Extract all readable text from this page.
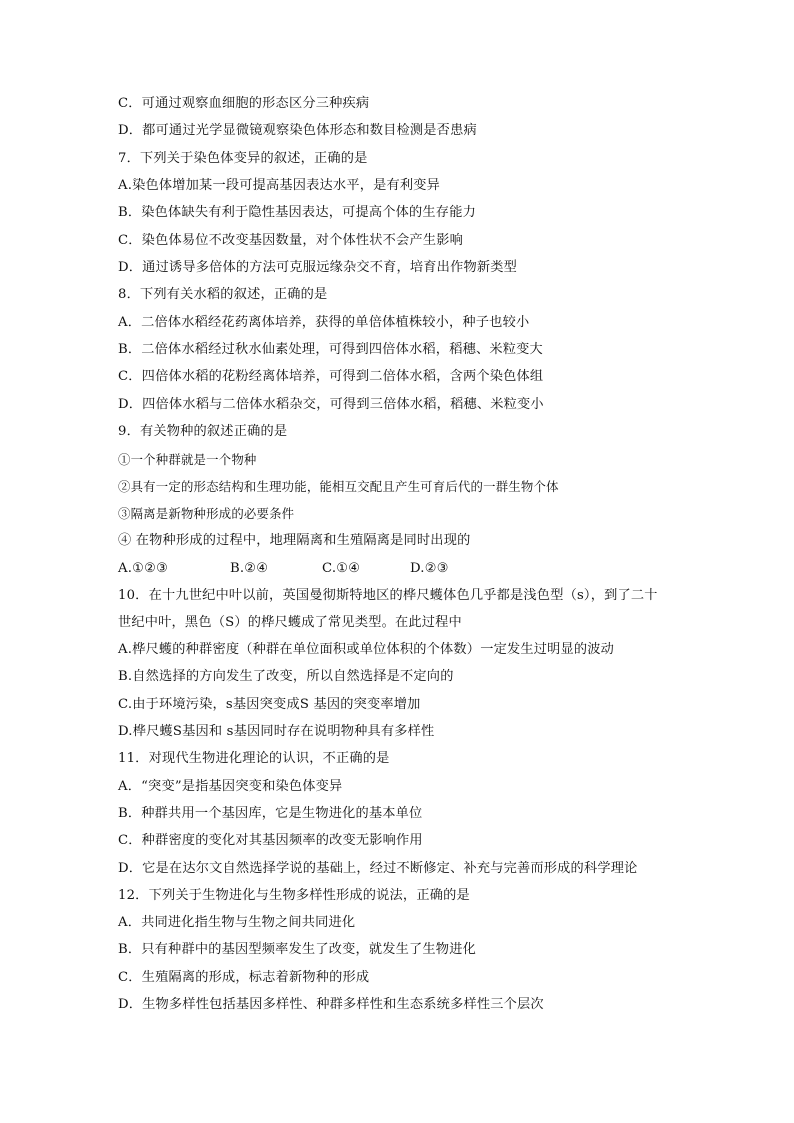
C．可通过观察血细胞的形态区分三种疾病
D．都可通过光学显微镜观察染色体形态和数目检测是否患病
7．下列关于染色体变异的叙述，正确的是
A.染色体增加某一段可提高基因表达水平，是有利变异
B．染色体缺失有利于隐性基因表达，可提高个体的生存能力
C．染色体易位不改变基因数量，对个体性状不会产生影响
D．通过诱导多倍体的方法可克服远缘杂交不育，培育出作物新类型
8．下列有关水稻的叙述，正确的是
A．二倍体水稻经花药离体培养，获得的单倍体植株较小，种子也较小
B．二倍体水稻经过秋水仙素处理，可得到四倍体水稻，稻穗、米粒变大
C．四倍体水稻的花粉经离体培养，可得到二倍体水稻，含两个染色体组
D．四倍体水稻与二倍体水稻杂交，可得到三倍体水稻，稻穗、米粒变小
9．有关物种的叙述正确的是
①一个种群就是一个物种
②具有一定的形态结构和生理功能，能相互交配且产生可育后代的一群生物个体
③隔离是新物种形成的必要条件
④ 在物种形成的过程中，地理隔离和生殖隔离是同时出现的
A.①②③	B.②④	C.①④	D.②③
10．在十九世纪中叶以前，英国曼彻斯特地区的桦尺蠖体色几乎都是浅色型（s），到了二十
世纪中叶，黑色（S）的桦尺蠖成了常见类型。在此过程中
A.桦尺蠖的种群密度（种群在单位面积或单位体积的个体数）一定发生过明显的波动
B.自然选择的方向发生了改变，所以自然选择是不定向的
C.由于环境污染，s基因突变成S 基因的突变率增加
D.桦尺蠖S基因和 s基因同时存在说明物种具有多样性
11．对现代生物进化理论的认识，不正确的是
A．“突变”是指基因突变和染色体变异
B．种群共用一个基因库，它是生物进化的基本单位
C．种群密度的变化对其基因频率的改变无影响作用
D．它是在达尔文自然选择学说的基础上，经过不断修定、补充与完善而形成的科学理论
12．下列关于生物进化与生物多样性形成的说法，正确的是
A．共同进化指生物与生物之间共同进化
B．只有种群中的基因型频率发生了改变，就发生了生物进化
C．生殖隔离的形成，标志着新物种的形成
D．生物多样性包括基因多样性、种群多样性和生态系统多样性三个层次
